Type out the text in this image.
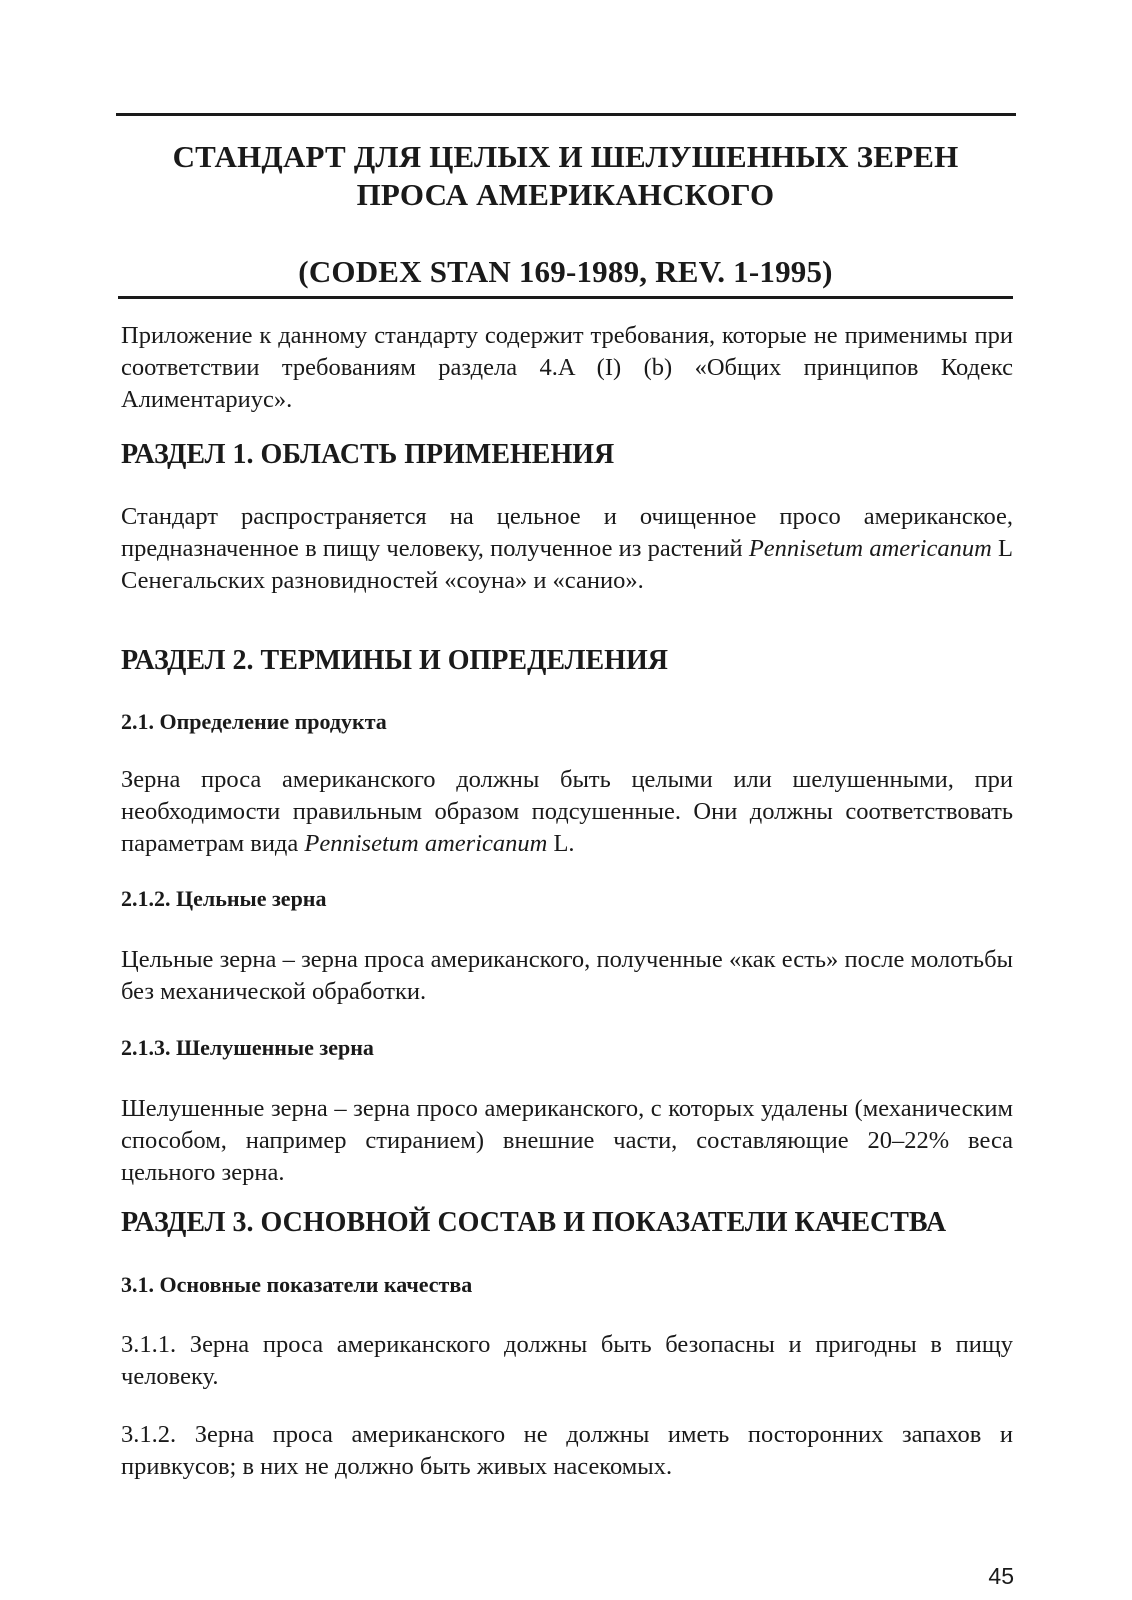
СТАНДАРТ ДЛЯ ЦЕЛЫХ И ШЕЛУШЕННЫХ ЗЕРЕН
ПРОСА АМЕРИКАНСКОГО
(CODEX STAN 169-1989, REV. 1-1995)

Приложение к данному стандарту содержит требования, которые не применимы при соответствии требованиям раздела 4.A (I) (b) «Общих принципов Кодекс Алиментариус».

РАЗДЕЛ 1. ОБЛАСТЬ ПРИМЕНЕНИЯ

Стандарт распространяется на цельное и очищенное просо американское, предназначенное в пищу человеку, полученное из растений Pennisetum americanum L Сенегальских разновидностей «соуна» и «санио».

РАЗДЕЛ 2. ТЕРМИНЫ И ОПРЕДЕЛЕНИЯ
2.1. Определение продукта

Зерна проса американского должны быть целыми или шелушенными, при необходимости правильным образом подсушенные. Они должны соответствовать параметрам вида Pennisetum americanum L.

2.1.2. Цельные зерна

Цельные зерна – зерна проса американского, полученные «как есть» после молотьбы без механической обработки.

2.1.3. Шелушенные зерна

Шелушенные зерна – зерна просо американского, с которых удалены (механическим способом, например стиранием) внешние части, составляющие 20–22% веса цельного зерна.

РАЗДЕЛ 3. ОСНОВНОЙ СОСТАВ И ПОКАЗАТЕЛИ КАЧЕСТВА
3.1. Основные показатели качества

3.1.1. Зерна проса американского должны быть безопасны и пригодны в пищу человеку.

3.1.2. Зерна проса американского не должны иметь посторонних запахов и привкусов; в них не должно быть живых насекомых.

45
